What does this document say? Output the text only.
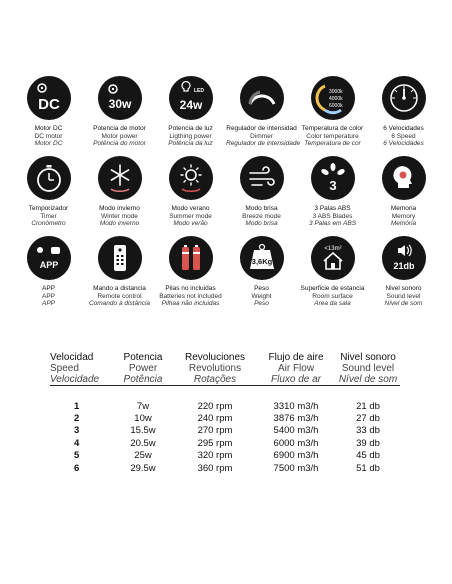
DC
Motor DC
DC motor
Motor DC
30w
Potencia de motor
Motor power
Potência do motor
LED
24w
Potencia de luz
Ligthing power
Potência da luz
Regulador de intensidad
Dimmer
Regulador de intensidade
3000k
4000k
6000k
Temperatura de color
Color temperature
Temperatura de cor
6 Velocidades
6 Speed
6 Velocidades
Temporizador
Timer
Cronômetro
Modo invierno
Winter mode
Modo inverno
Modo verano
Summer mode
Modo verão
Modo brisa
Breeze mode
Modo brisa
3
3 Palas ABS
3 ABS Blades
3 Palas em ABS
Memoria
Memory
Memória
APP
APP
APP
APP
Mando a distancia
Remote control
Comando à distância
Pilas no incluidas
Batteries not included
Pilhaa não incluidas
3,6Kg
Peso
Weight
Peso
<13m²
Superficie de estancia
Room surface
Area da sala
21db
Nivel sonoro
Sound level
Nível de som
Velocidad	Potencia	Revoluciones	Flujo de aire	Nivel sonoro
Speed	Power	Revolutions	Air Flow	Sound level
Velocidade	Potência	Rotações	Fluxo de ar	Nível de som

1	7w	220 rpm	3310 m3/h	21 db
2	10w	240 rpm	3876 m3/h	27 db
3	15.5w	270 rpm	5400 m3/h	33 db
4	20.5w	295 rpm	6000 m3/h	39 db
5	25w	320 rpm	6900 m3/h	45 db
6	29.5w	360 rpm	7500 m3/h	51 db
